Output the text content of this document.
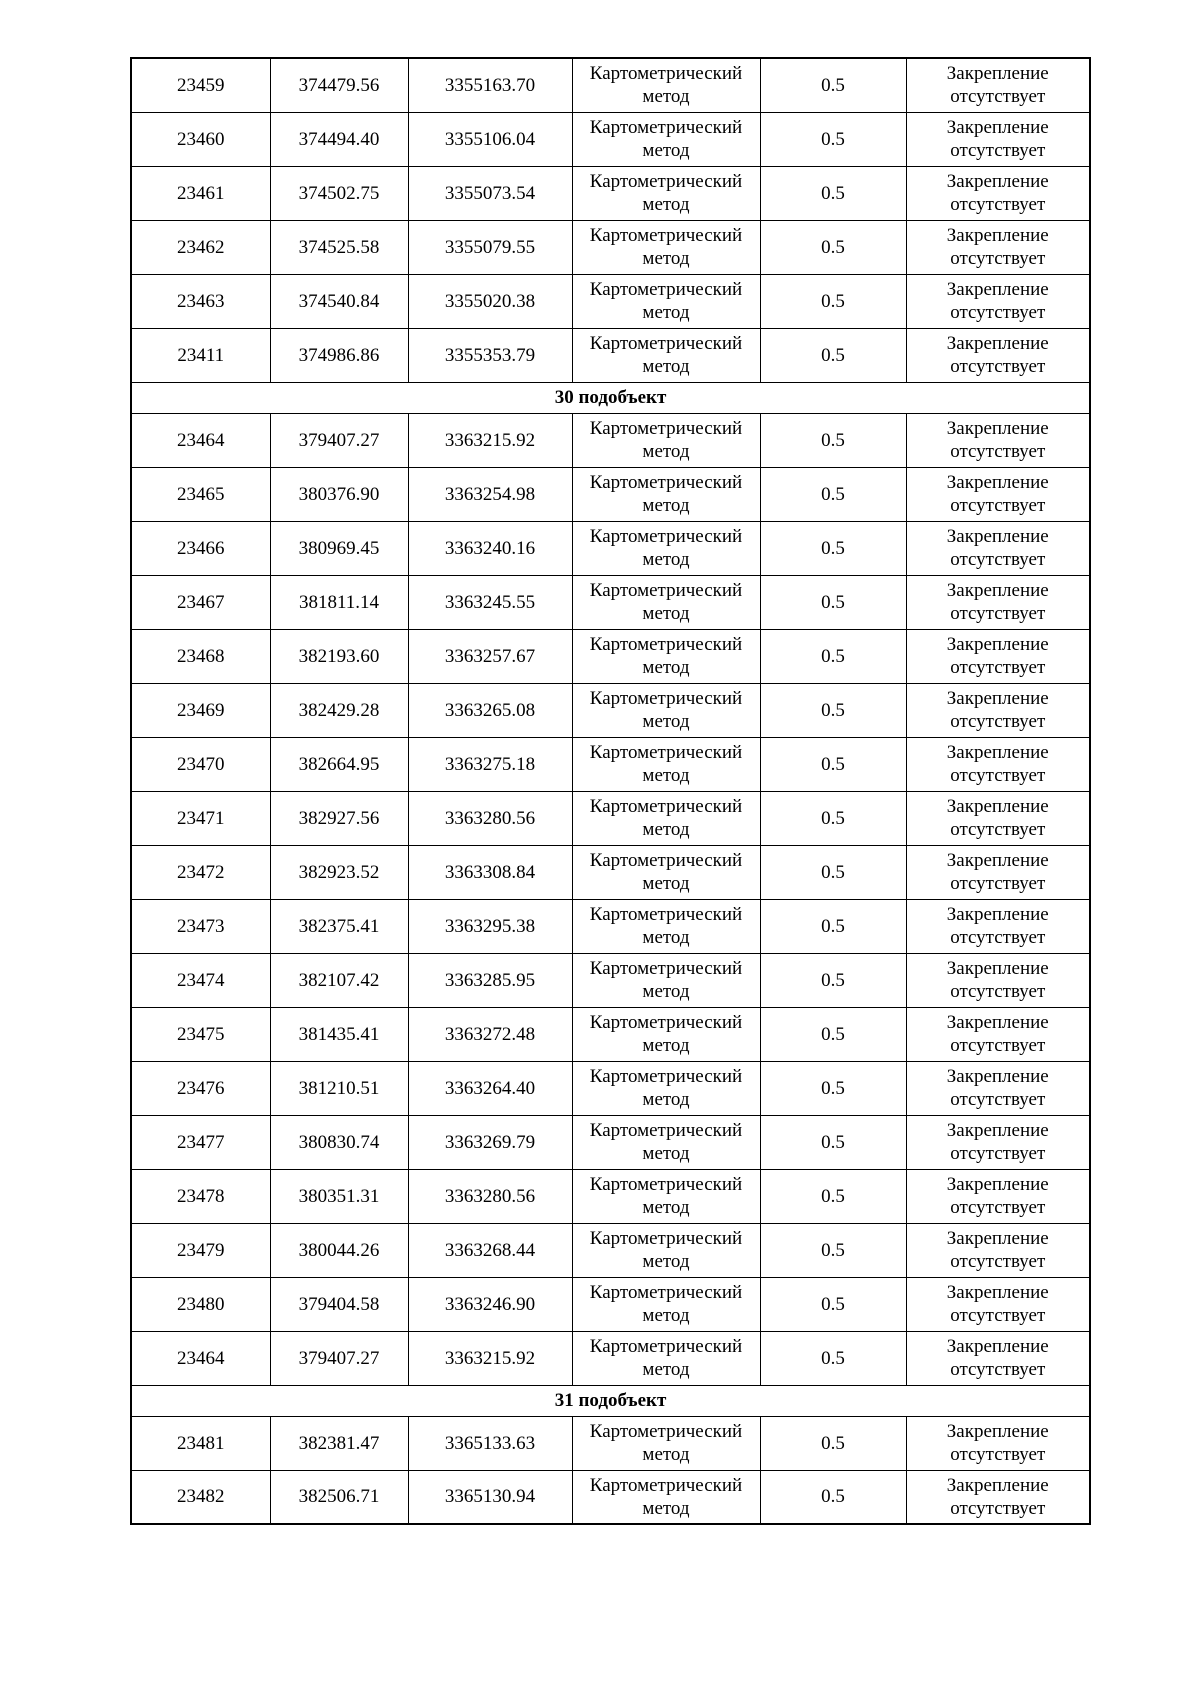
23459	374479.56	3355163.70	Картометрический метод	0.5	Закрепление отсутствует
23460	374494.40	3355106.04	Картометрический метод	0.5	Закрепление отсутствует
23461	374502.75	3355073.54	Картометрический метод	0.5	Закрепление отсутствует
23462	374525.58	3355079.55	Картометрический метод	0.5	Закрепление отсутствует
23463	374540.84	3355020.38	Картометрический метод	0.5	Закрепление отсутствует
23411	374986.86	3355353.79	Картометрический метод	0.5	Закрепление отсутствует
30 подобъект					
23464	379407.27	3363215.92	Картометрический метод	0.5	Закрепление отсутствует
23465	380376.90	3363254.98	Картометрический метод	0.5	Закрепление отсутствует
23466	380969.45	3363240.16	Картометрический метод	0.5	Закрепление отсутствует
23467	381811.14	3363245.55	Картометрический метод	0.5	Закрепление отсутствует
23468	382193.60	3363257.67	Картометрический метод	0.5	Закрепление отсутствует
23469	382429.28	3363265.08	Картометрический метод	0.5	Закрепление отсутствует
23470	382664.95	3363275.18	Картометрический метод	0.5	Закрепление отсутствует
23471	382927.56	3363280.56	Картометрический метод	0.5	Закрепление отсутствует
23472	382923.52	3363308.84	Картометрический метод	0.5	Закрепление отсутствует
23473	382375.41	3363295.38	Картометрический метод	0.5	Закрепление отсутствует
23474	382107.42	3363285.95	Картометрический метод	0.5	Закрепление отсутствует
23475	381435.41	3363272.48	Картометрический метод	0.5	Закрепление отсутствует
23476	381210.51	3363264.40	Картометрический метод	0.5	Закрепление отсутствует
23477	380830.74	3363269.79	Картометрический метод	0.5	Закрепление отсутствует
23478	380351.31	3363280.56	Картометрический метод	0.5	Закрепление отсутствует
23479	380044.26	3363268.44	Картометрический метод	0.5	Закрепление отсутствует
23480	379404.58	3363246.90	Картометрический метод	0.5	Закрепление отсутствует
23464	379407.27	3363215.92	Картометрический метод	0.5	Закрепление отсутствует
31 подобъект					
23481	382381.47	3365133.63	Картометрический метод	0.5	Закрепление отсутствует
23482	382506.71	3365130.94	Картометрический метод	0.5	Закрепление отсутствует
